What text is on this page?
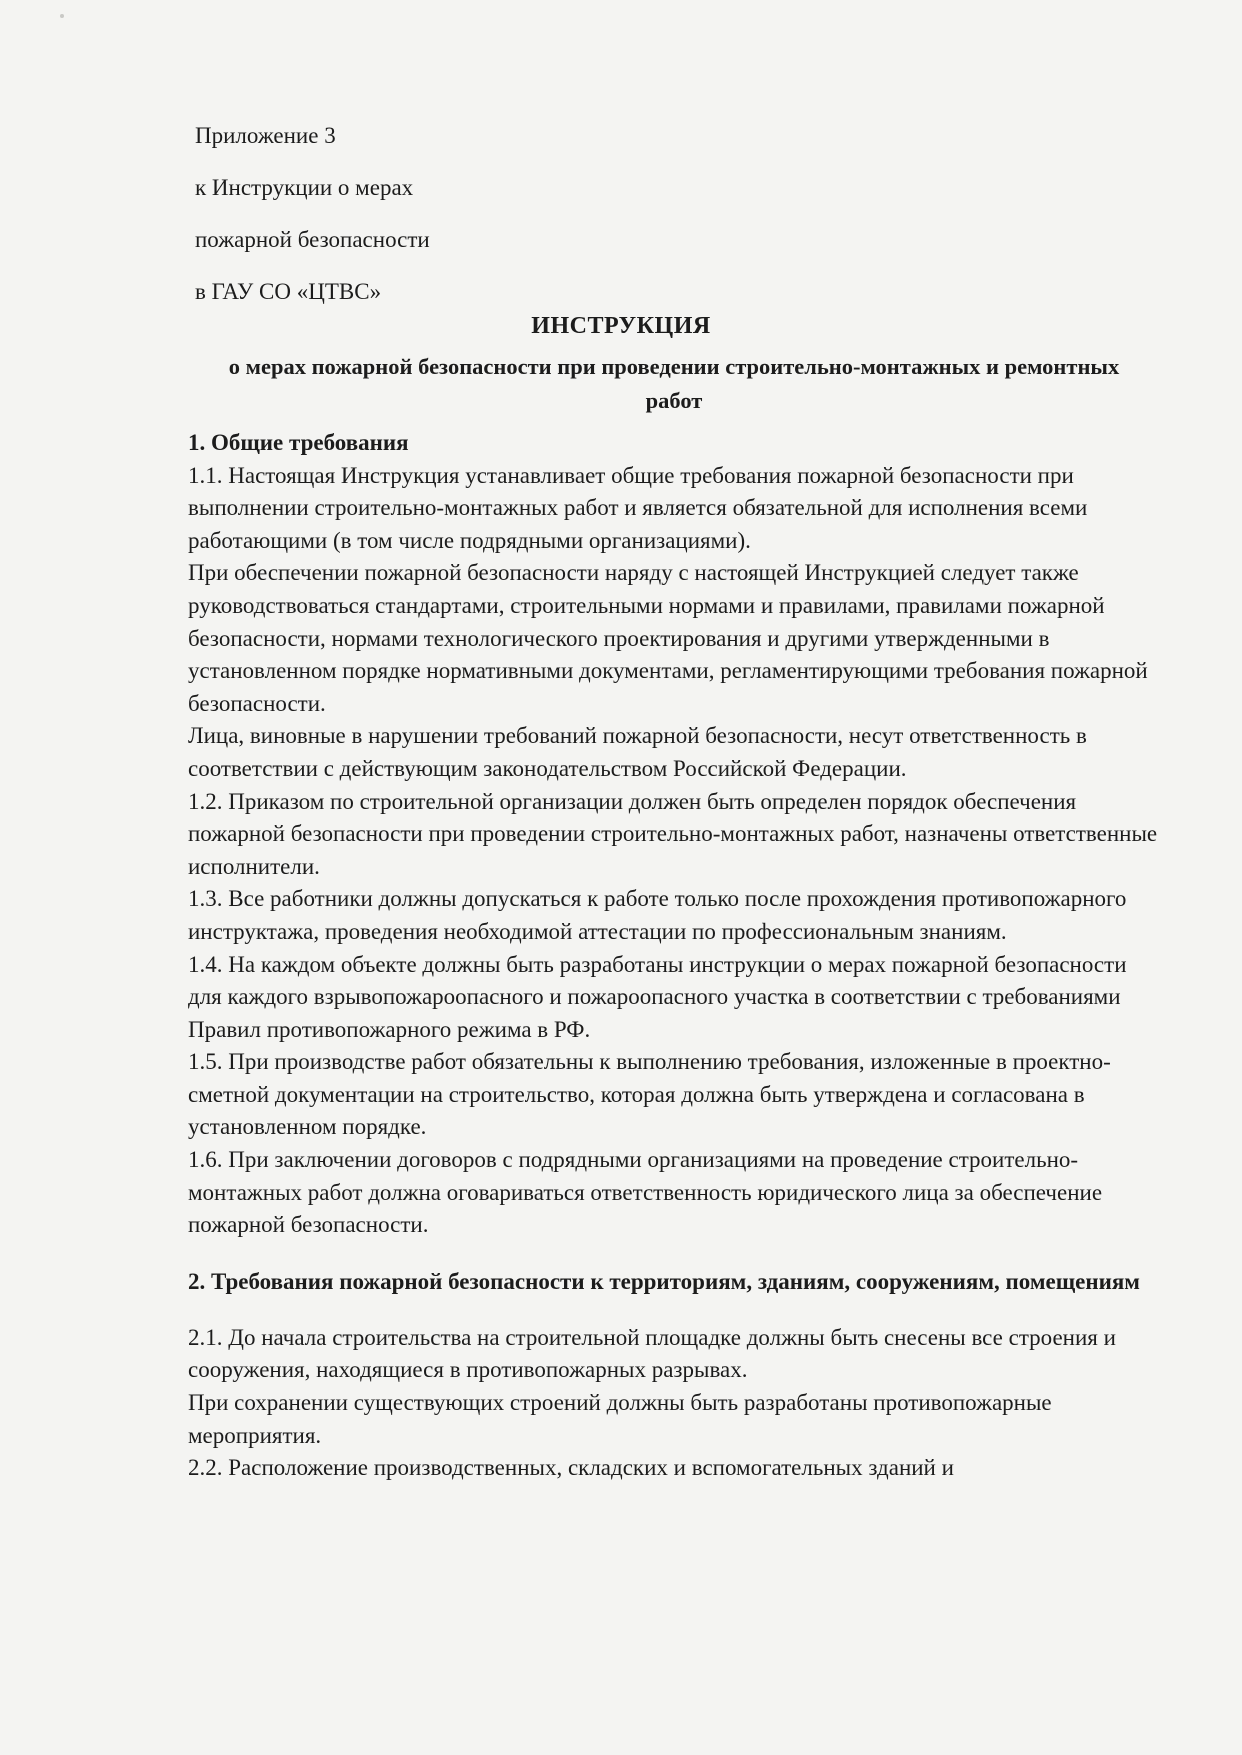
Приложение 3
к Инструкции о мерах
пожарной безопасности
в ГАУ СО «ЦТВС»
ИНСТРУКЦИЯ
о мерах пожарной безопасности при проведении строительно-монтажных и ремонтных работ

1. Общие требования

1.1. Настоящая Инструкция устанавливает общие требования пожарной безопасности при выполнении строительно-монтажных работ и является обязательной для исполнения всеми работающими (в том числе подрядными организациями).

При обеспечении пожарной безопасности наряду с настоящей Инструкцией следует также руководствоваться стандартами, строительными нормами и правилами, правилами пожарной безопасности, нормами технологического проектирования и другими утвержденными в установленном порядке нормативными документами, регламентирующими требования пожарной безопасности.

Лица, виновные в нарушении требований пожарной безопасности, несут ответственность в соответствии с действующим законодательством Российской Федерации.

1.2. Приказом по строительной организации должен быть определен порядок обеспечения пожарной безопасности при проведении строительно-монтажных работ, назначены ответственные исполнители.

1.3. Все работники должны допускаться к работе только после прохождения противопожарного инструктажа, проведения необходимой аттестации по профессиональным знаниям.

1.4. На каждом объекте должны быть разработаны инструкции о мерах пожарной безопасности для каждого взрывопожароопасного и пожароопасного участка в соответствии с требованиями Правил противопожарного режима в РФ.

1.5. При производстве работ обязательны к выполнению требования, изложенные в проектно-сметной документации на строительство, которая должна быть утверждена и согласована в установленном порядке.

1.6. При заключении договоров с подрядными организациями на проведение строительно-монтажных работ должна оговариваться ответственность юридического лица за обеспечение пожарной безопасности.

2. Требования пожарной безопасности к территориям, зданиям, сооружениям, помещениям

2.1. До начала строительства на строительной площадке должны быть снесены все строения и сооружения, находящиеся в противопожарных разрывах.

При сохранении существующих строений должны быть разработаны противопожарные мероприятия.

2.2. Расположение производственных, складских и вспомогательных зданий и
